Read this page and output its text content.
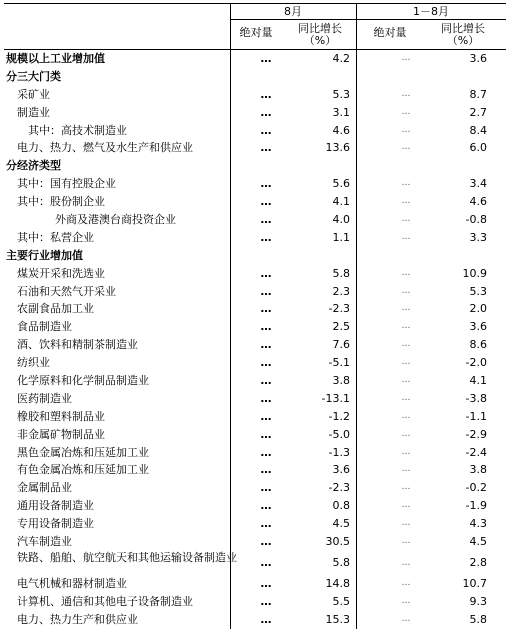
8月	1－8月
绝对量	同比增长
（%）
绝对量	同比增长
（%）
规模以上工业增加值	…	4.2	…	3.6
分三大门类
采矿业	…	5.3	…	8.7
制造业	…	3.1	…	2.7
其中：高技术制造业	…	4.6	…	8.4
电力、热力、燃气及水生产和供应业	…	13.6	…	6.0
分经济类型
其中：国有控股企业	…	5.6	…	3.4
其中：股份制企业	…	4.1	…	4.6
外商及港澳台商投资企业	…	4.0	…	-0.8
其中：私营企业	…	1.1	…	3.3
主要行业增加值
煤炭开采和洗选业	…	5.8	…	10.9
石油和天然气开采业	…	2.3	…	5.3
农副食品加工业	…	-2.3	…	2.0
食品制造业	…	2.5	…	3.6
酒、饮料和精制茶制造业	…	7.6	…	8.6
纺织业	…	-5.1	…	-2.0
化学原料和化学制品制造业	…	3.8	…	4.1
医药制造业	…	-13.1	…	-3.8
橡胶和塑料制品业	…	-1.2	…	-1.1
非金属矿物制品业	…	-5.0	…	-2.9
黑色金属冶炼和压延加工业	…	-1.3	…	-2.4
有色金属冶炼和压延加工业	…	3.6	…	3.8
金属制品业	…	-2.3	…	-0.2
通用设备制造业	…	0.8	…	-1.9
专用设备制造业	…	4.5	…	4.3
汽车制造业	…	30.5	…	4.5
铁路、船舶、航空航天和其他运输设备制造业	…	5.8	…	2.8
电气机械和器材制造业	…	14.8	…	10.7
计算机、通信和其他电子设备制造业	…	5.5	…	9.3
电力、热力生产和供应业	…	15.3	…	5.8
